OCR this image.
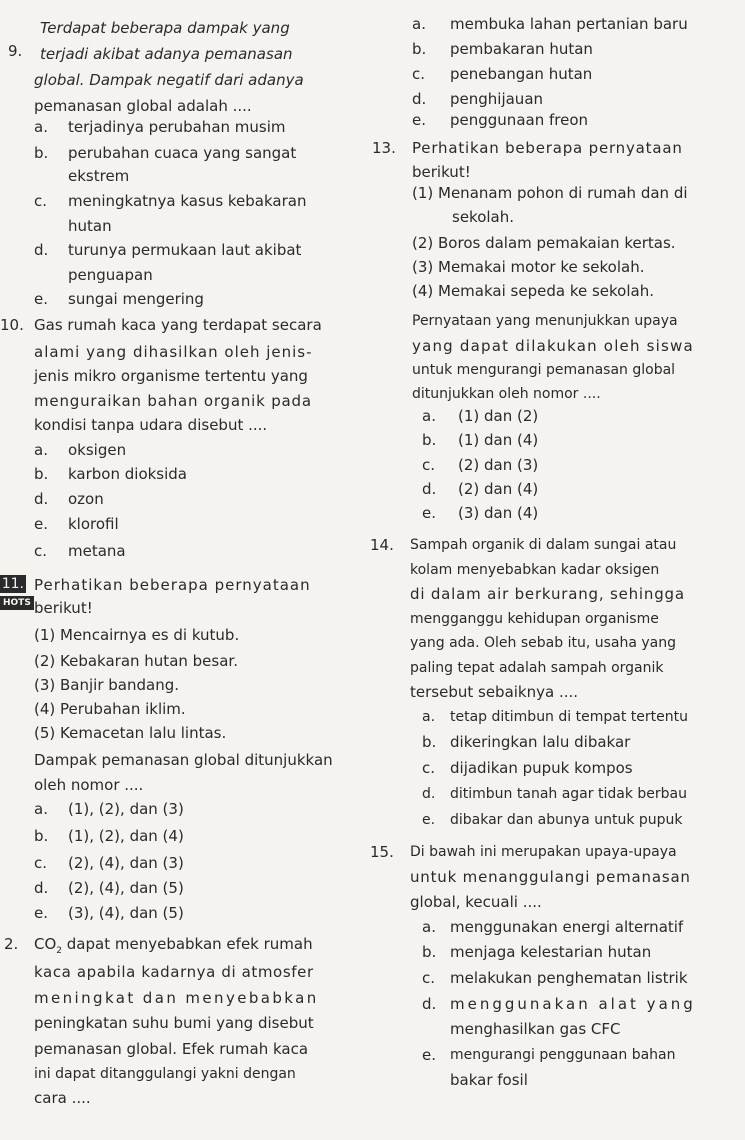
9.
Terdapat beberapa dampak yang
terjadi akibat adanya pemanasan
global. Dampak negatif dari adanya
pemanasan global adalah ....
a. terjadinya perubahan musim
b. perubahan cuaca yang sangat
ekstrem
c. meningkatnya kasus kebakaran
hutan
d. turunya permukaan laut akibat
penguapan
e. sungai mengering
10. Gas rumah kaca yang terdapat secara
alami yang dihasilkan oleh jenis-
jenis mikro organisme tertentu yang
menguraikan bahan organik pada
kondisi tanpa udara disebut ....
a. oksigen
b. karbon dioksida
d. ozon
e. klorofil
c. metana
11.
HOTS
Perhatikan beberapa pernyataan
berikut!
(1) Mencairnya es di kutub.
(2) Kebakaran hutan besar.
(3) Banjir bandang.
(4) Perubahan iklim.
(5) Kemacetan lalu lintas.
Dampak pemanasan global ditunjukkan
oleh nomor ....
a. (1), (2), dan (3)
b. (1), (2), dan (4)
c. (2), (4), dan (3)
d. (2), (4), dan (5)
e. (3), (4), dan (5)
2. $CO_2$ dapat menyebabkan efek rumah
kaca apabila kadarnya di atmosfer
meningkat dan menyebabkan
peningkatan suhu bumi yang disebut
pemanasan global. Efek rumah kaca
ini dapat ditanggulangi yakni dengan
cara ....
a. membuka lahan pertanian baru
b. pembakaran hutan
c. penebangan hutan
d. penghijauan
e. penggunaan freon
13. Perhatikan beberapa pernyataan
berikut!
(1) Menanam pohon di rumah dan di
sekolah.
(2) Boros dalam pemakaian kertas.
(3) Memakai motor ke sekolah.
(4) Memakai sepeda ke sekolah.
Pernyataan yang menunjukkan upaya
yang dapat dilakukan oleh siswa
untuk mengurangi pemanasan global
ditunjukkan oleh nomor ....
a. (1) dan (2)
b. (1) dan (4)
c. (2) dan (3)
d. (2) dan (4)
e. (3) dan (4)
14. Sampah organik di dalam sungai atau
kolam menyebabkan kadar oksigen
di dalam air berkurang, sehingga
mengganggu kehidupan organisme
yang ada. Oleh sebab itu, usaha yang
paling tepat adalah sampah organik
tersebut sebaiknya ....
a. tetap ditimbun di tempat tertentu
b. dikeringkan lalu dibakar
c. dijadikan pupuk kompos
d. ditimbun tanah agar tidak berbau
e. dibakar dan abunya untuk pupuk
15. Di bawah ini merupakan upaya-upaya
untuk menanggulangi pemanasan
global, kecuali ....
a. menggunakan energi alternatif
b. menjaga kelestarian hutan
c. melakukan penghematan listrik
d. menggunakan alat yang
menghasilkan gas CFC
e. mengurangi penggunaan bahan
bakar fosil
